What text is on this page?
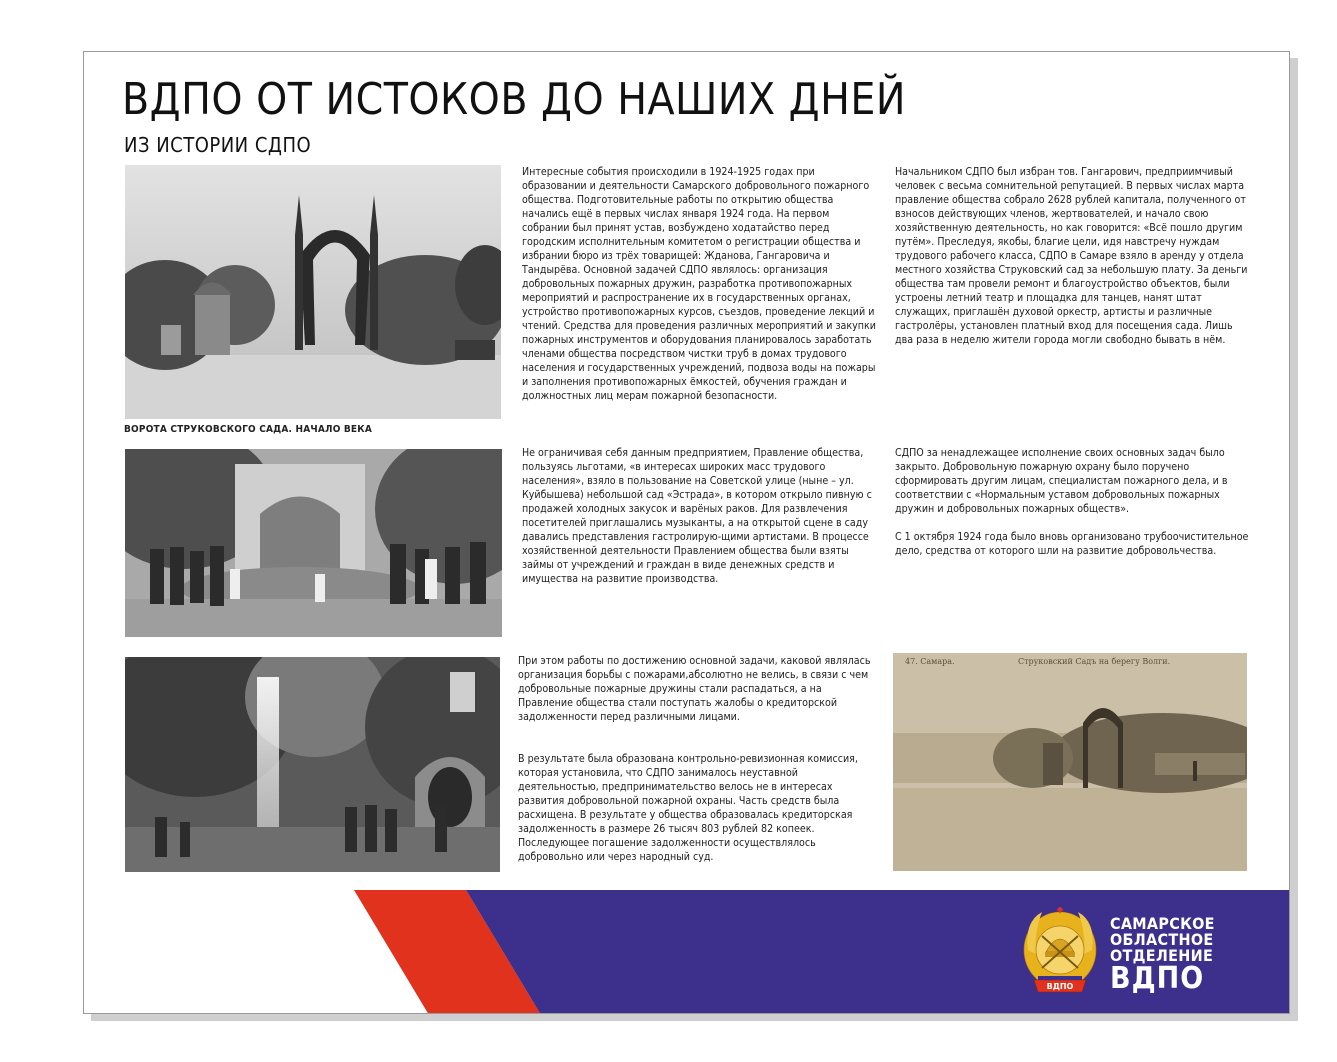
ВДПО ОТ ИСТОКОВ ДО НАШИХ ДНЕЙ
ИЗ ИСТОРИИ СДПО
ВОРОТА СТРУКОВСКОГО САДА. НАЧАЛО ВЕКА
47. Самара.	Струковский Садъ на берегу Волги.

Интересные события происходили в 1924-1925 годах при образовании и деятельности Самарского добровольного пожарного общества. Подготовительные работы по открытию общества начались ещё в первых числах января 1924 года. На первом собрании был принят устав, возбуждено ходатайство перед городским исполнительным комитетом о регистрации общества и избрании бюро из трёх товарищей: Жданова, Гангаровича и Тандырёва. Основной задачей СДПО являлось: организация добровольных пожарных дружин, разработка противопожарных мероприятий и распространение их в государственных органах, устройство противопожарных курсов, съездов, проведение лекций и чтений. Средства для проведения различных мероприятий и закупки пожарных инструментов и оборудования планировалось заработать членами общества посредством чистки труб в домах трудового населения и государственных учреждений, подвоза воды на пожары и заполнения противопожарных ёмкостей, обучения граждан и должностных лиц мерам пожарной безопасности.

Не ограничивая себя данным предприятием, Правление общества, пользуясь льготами, «в интересах широких масс трудового населения», взяло в пользование на Советской улице (ныне – ул. Куйбышева) небольшой сад «Эстрада», в котором открыло пивную с продажей холодных закусок и варёных раков. Для развлечения посетителей приглашались музыканты, а на открытой сцене в саду давались представления гастролирую-щими артистами. В процессе хозяйственной деятельности Правлением общества были взяты займы от учреждений и граждан в виде денежных средств и имущества на развитие производства.

При этом работы по достижению основной задачи, каковой являлась организация борьбы с пожарами,абсолютно не велись, в связи с чем добровольные пожарные дружины стали распадаться, а на Правление общества стали поступать жалобы о кредиторской задолженности перед различными лицами.

В результате была образована контрольно-ревизионная комиссия, которая установила, что СДПО занималось неуставной деятельностью, предпринимательство велось не в интересах развития добровольной пожарной охраны. Часть средств была расхищена. В результате у общества образовалась кредиторская задолженность в размере 26 тысяч 803 рублей 82 копеек. Последующее погашение задолженности осуществлялось добровольно или через народный суд.

Начальником СДПО был избран тов. Гангарович, предприимчивый человек с весьма сомнительной репутацией. В первых числах марта правление общества собрало 2628 рублей капитала, полученного от взносов действующих членов, жертвователей, и начало свою хозяйственную деятельность, но как говорится: «Всё пошло другим путём». Преследуя, якобы, благие цели, идя навстречу нуждам трудового рабочего класса, СДПО в Самаре взяло в аренду у отдела местного хозяйства Струковский сад за небольшую плату. За деньги общества там провели ремонт и благоустройство объектов, были устроены летний театр и площадка для танцев, нанят штат служащих, приглашён духовой оркестр, артисты и различные гастролёры, установлен платный вход для посещения сада. Лишь два раза в неделю жители города могли свободно бывать в нём.

СДПО за ненадлежащее исполнение своих основных задач было закрыто. Добровольную пожарную охрану было поручено сформировать другим лицам, специалистам пожарного дела, и в соответствии с «Нормальным уставом добровольных пожарных дружин и добровольных пожарных обществ».

С 1 октября 1924 года было вновь организовано трубоочистительное дело, средства от которого шли на развитие добровольчества.

ВДПО
САМАРСКОЕ
ОБЛАСТНОЕ
ОТДЕЛЕНИЕ
ВДПО
